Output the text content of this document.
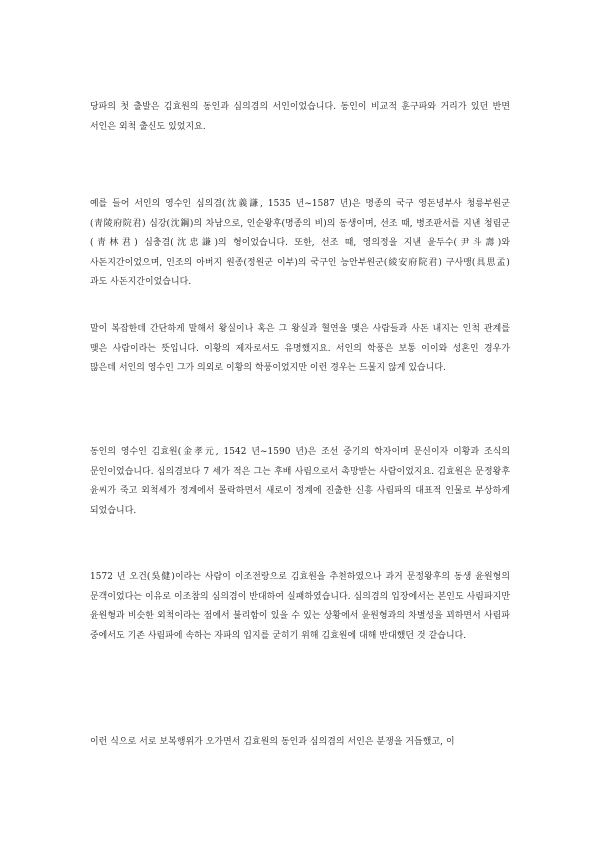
당파의 첫 출발은 김효원의 동인과 심의겸의 서인이었습니다. 동인이 비교적 훈구파와 거리가 있던 반면 서인은 외척 출신도 있었지요.

예를 들어 서인의 영수인 심의겸(沈義謙, 1535 년~1587 년)은 명종의 국구 영돈녕부사 청릉부원군(靑陵府院君) 심강(沈鋼)의 차남으로, 인순왕후(명종의 비)의 동생이며, 선조 때, 병조판서를 지낸 청림군(靑林君) 심충겸(沈忠謙)의 형이었습니다. 또한, 선조 때, 영의정을 지낸 윤두수(尹斗壽)와 사돈지간이었으며, 인조의 아버지 원종(정원군 이부)의 국구인 능안부원군(綾安府院君) 구사맹(具思孟)과도 사돈지간이었습니다.

말이 복잡한데 간단하게 말해서 왕실이나 혹은 그 왕실과 혈연을 맺은 사람들과 사돈 내지는 인척 관계를 맺은 사람이라는 뜻입니다. 이황의 제자로서도 유명했지요. 서인의 학풍은 보통 이이와 성혼인 경우가 많은데 서인의 영수인 그가 의외로 이황의 학풍이었지만 이런 경우는 드물지 않게 있습니다.

동인의 영수인 김효원(金孝元, 1542 년~1590 년)은 조선 중기의 학자이며 문신이자 이황과 조식의 문인이었습니다. 심의겸보다 7 세가 적은 그는 후배 사림으로서 촉망받는 사람이었지요. 김효원은 문정왕후 윤씨가 죽고 외척세가 정계에서 몰락하면서 새로이 정계에 진출한 신흥 사림파의 대표적 인물로 부상하게 되었습니다.

1572 년 오건(吳健)이라는 사람이 이조전랑으로 김효원을 추천하였으나 과거 문정왕후의 동생 윤원형의 문객이었다는 이유로 이조참의 심의겸이 반대하여 실패하였습니다. 심의겸의 입장에서는 본인도 사림파지만 윤원형과 비슷한 외척이라는 점에서 불리함이 있을 수 있는 상황에서 윤원형과의 차별성을 꾀하면서 사림파 중에서도 기존 사림파에 속하는 자파의 입지를 굳히기 위해 김효원에 대해 반대했던 것 같습니다.

이런 식으로 서로 보복행위가 오가면서 김효원의 동인과 심의겸의 서인은 분쟁을 거듭했고, 이
